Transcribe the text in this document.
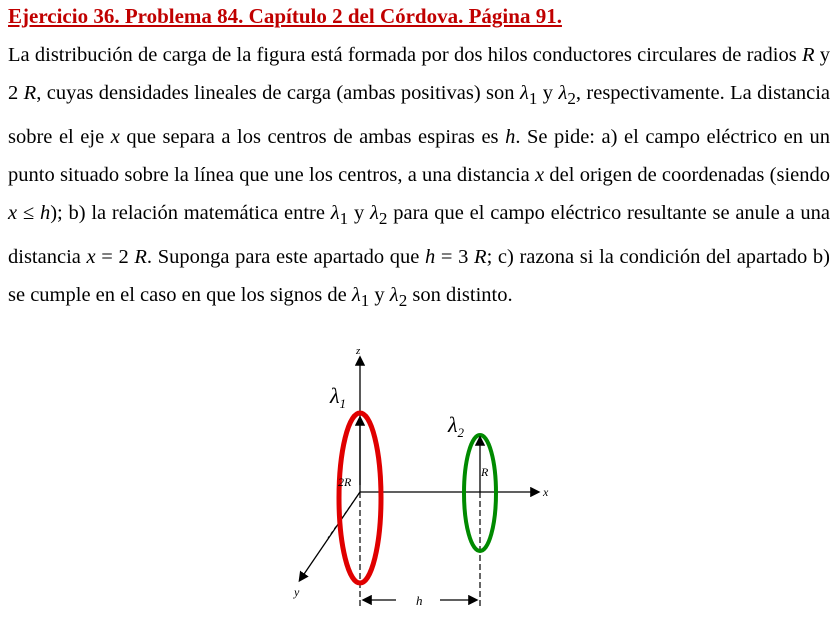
Ejercicio 36. Problema 84. Capítulo 2 del Córdova. Página 91.
La distribución de carga de la figura está formada por dos hilos conductores circulares de radios R y 2 R, cuyas densidades lineales de carga (ambas positivas) son $\lambda_1$ y $\lambda_2$, respectivamente. La distancia sobre el eje x que separa a los centros de ambas espiras es h. Se pide: a) el campo eléctrico en un punto situado sobre la línea que une los centros, a una distancia x del origen de coordenadas (siendo x ≤ h); b) la relación matemática entre $\lambda_1$ y $\lambda_2$ para que el campo eléctrico resultante se anule a una distancia x = 2 R. Suponga para este apartado que h = 3 R; c) razona si la condición del apartado b) se cumple en el caso en que los signos de $\lambda_1$ y $\lambda_2$ son distinto.
z
x
y
2R
R
$\lambda_1$
$\lambda_2$
h
